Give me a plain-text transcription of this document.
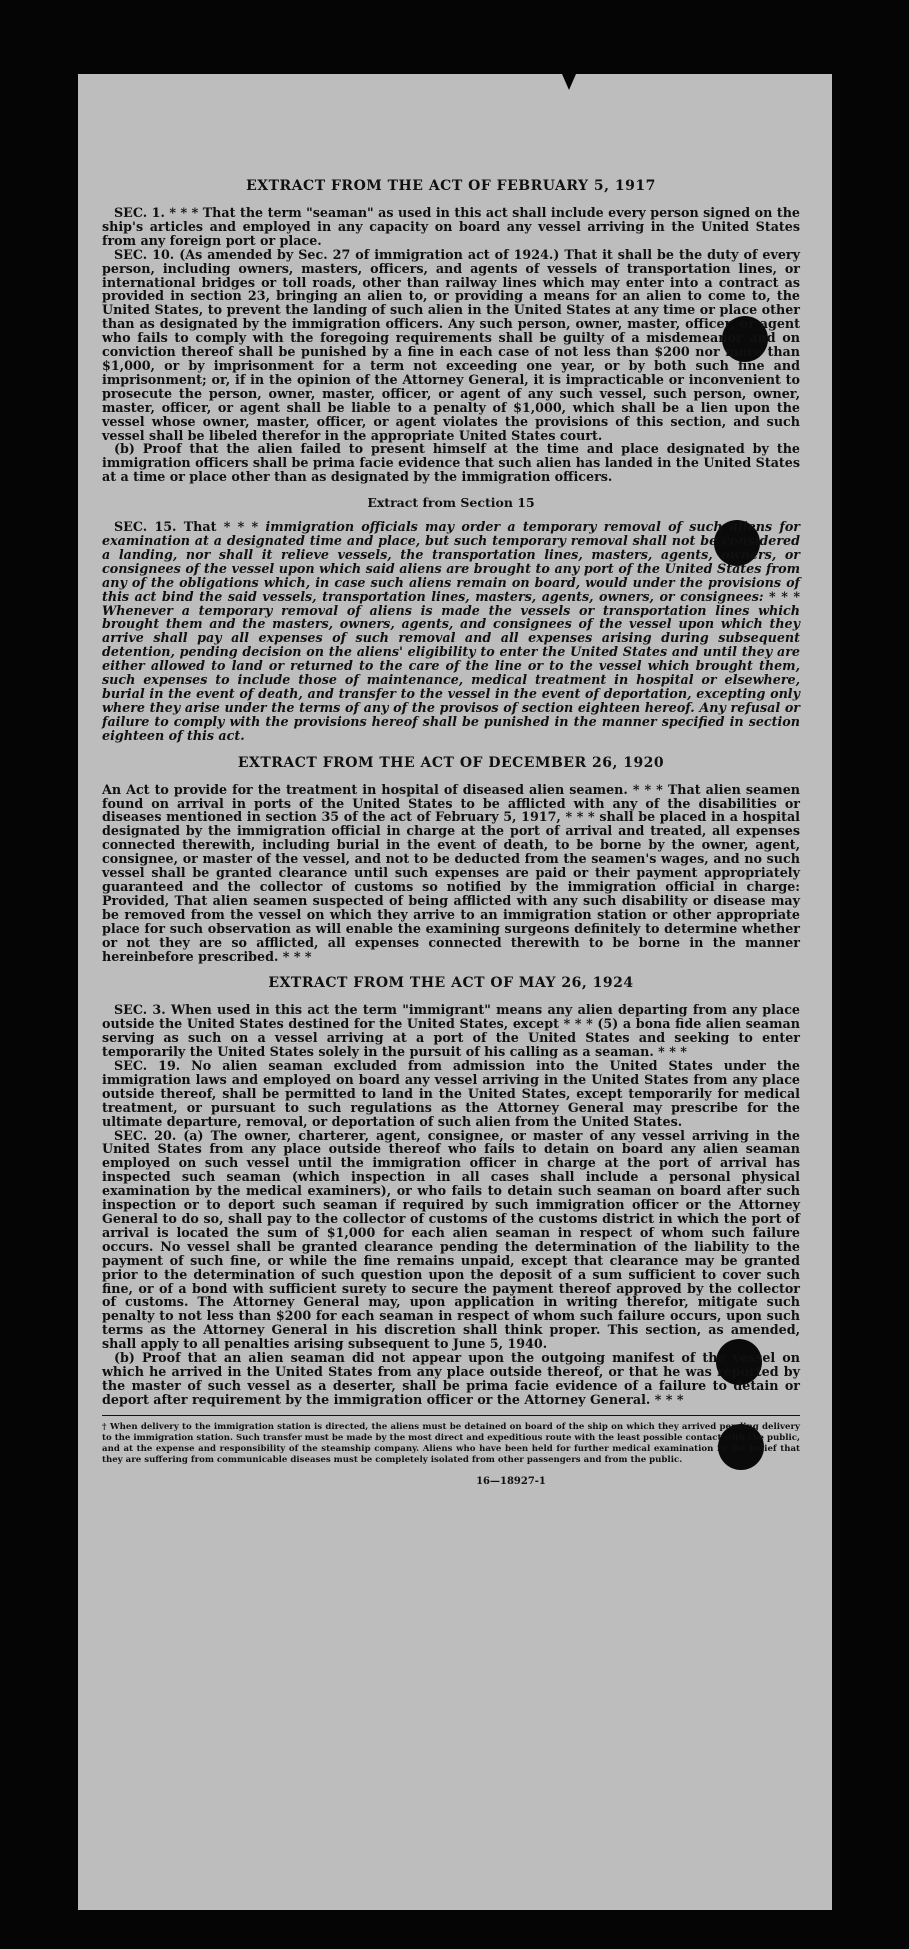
EXTRACT FROM THE ACT OF FEBRUARY 5, 1917

SEC. 1. * * * That the term "seaman" as used in this act shall include every person signed on the ship's articles and employed in any capacity on board any vessel arriving in the United States from any foreign port or place.

SEC. 10. (As amended by Sec. 27 of immigration act of 1924.) That it shall be the duty of every person, including owners, masters, officers, and agents of vessels of transportation lines, or international bridges or toll roads, other than railway lines which may enter into a contract as provided in section 23, bringing an alien to, or providing a means for an alien to come to, the United States, to prevent the landing of such alien in the United States at any time or place other than as designated by the immigration officers. Any such person, owner, master, officer, or agent who fails to comply with the foregoing requirements shall be guilty of a misdemeanor and on conviction thereof shall be punished by a fine in each case of not less than $200 nor more than $1,000, or by imprisonment for a term not exceeding one year, or by both such fine and imprisonment; or, if in the opinion of the Attorney General, it is impracticable or inconvenient to prosecute the person, owner, master, officer, or agent of any such vessel, such person, owner, master, officer, or agent shall be liable to a penalty of $1,000, which shall be a lien upon the vessel whose owner, master, officer, or agent violates the provisions of this section, and such vessel shall be libeled therefor in the appropriate United States court.

(b) Proof that the alien failed to present himself at the time and place designated by the immigration officers shall be prima facie evidence that such alien has landed in the United States at a time or place other than as designated by the immigration officers.

Extract from Section 15

SEC. 15. That * * * immigration officials may order a temporary removal of such aliens for examination at a designated time and place, but such temporary removal shall not be considered a landing, nor shall it relieve vessels, the transportation lines, masters, agents, owners, or consignees of the vessel upon which said aliens are brought to any port of the United States from any of the obligations which, in case such aliens remain on board, would under the provisions of this act bind the said vessels, transportation lines, masters, agents, owners, or consignees: * * * Whenever a temporary removal of aliens is made the vessels or transportation lines which brought them and the masters, owners, agents, and consignees of the vessel upon which they arrive shall pay all expenses of such removal and all expenses arising during subsequent detention, pending decision on the aliens' eligibility to enter the United States and until they are either allowed to land or returned to the care of the line or to the vessel which brought them, such expenses to include those of maintenance, medical treatment in hospital or elsewhere, burial in the event of death, and transfer to the vessel in the event of deportation, excepting only where they arise under the terms of any of the provisos of section eighteen hereof. Any refusal or failure to comply with the provisions hereof shall be punished in the manner specified in section eighteen of this act.

EXTRACT FROM THE ACT OF DECEMBER 26, 1920

An Act to provide for the treatment in hospital of diseased alien seamen. * * * That alien seamen found on arrival in ports of the United States to be afflicted with any of the disabilities or diseases mentioned in section 35 of the act of February 5, 1917, * * * shall be placed in a hospital designated by the immigration official in charge at the port of arrival and treated, all expenses connected therewith, including burial in the event of death, to be borne by the owner, agent, consignee, or master of the vessel, and not to be deducted from the seamen's wages, and no such vessel shall be granted clearance until such expenses are paid or their payment appropriately guaranteed and the collector of customs so notified by the immigration official in charge: Provided, That alien seamen suspected of being afflicted with any such disability or disease may be removed from the vessel on which they arrive to an immigration station or other appropriate place for such observation as will enable the examining surgeons definitely to determine whether or not they are so afflicted, all expenses connected therewith to be borne in the manner hereinbefore prescribed. * * *

EXTRACT FROM THE ACT OF MAY 26, 1924

SEC. 3. When used in this act the term "immigrant" means any alien departing from any place outside the United States destined for the United States, except * * * (5) a bona fide alien seaman serving as such on a vessel arriving at a port of the United States and seeking to enter temporarily the United States solely in the pursuit of his calling as a seaman. * * *

SEC. 19. No alien seaman excluded from admission into the United States under the immigration laws and employed on board any vessel arriving in the United States from any place outside thereof, shall be permitted to land in the United States, except temporarily for medical treatment, or pursuant to such regulations as the Attorney General may prescribe for the ultimate departure, removal, or deportation of such alien from the United States.

SEC. 20. (a) The owner, charterer, agent, consignee, or master of any vessel arriving in the United States from any place outside thereof who fails to detain on board any alien seaman employed on such vessel until the immigration officer in charge at the port of arrival has inspected such seaman (which inspection in all cases shall include a personal physical examination by the medical examiners), or who fails to detain such seaman on board after such inspection or to deport such seaman if required by such immigration officer or the Attorney General to do so, shall pay to the collector of customs of the customs district in which the port of arrival is located the sum of $1,000 for each alien seaman in respect of whom such failure occurs. No vessel shall be granted clearance pending the determination of the liability to the payment of such fine, or while the fine remains unpaid, except that clearance may be granted prior to the determination of such question upon the deposit of a sum sufficient to cover such fine, or of a bond with sufficient surety to secure the payment thereof approved by the collector of customs. The Attorney General may, upon application in writing therefor, mitigate such penalty to not less than $200 for each seaman in respect of whom such failure occurs, upon such terms as the Attorney General in his discretion shall think proper. This section, as amended, shall apply to all penalties arising subsequent to June 5, 1940.

(b) Proof that an alien seaman did not appear upon the outgoing manifest of the vessel on which he arrived in the United States from any place outside thereof, or that he was reported by the master of such vessel as a deserter, shall be prima facie evidence of a failure to detain or deport after requirement by the immigration officer or the Attorney General. * * *

† When delivery to the immigration station is directed, the aliens must be detained on board of the ship on which they arrived pending delivery to the immigration station. Such transfer must be made by the most direct and expeditious route with the least possible contact with the public, and at the expense and responsibility of the steamship company. Aliens who have been held for further medical examination in the belief that they are suffering from communicable diseases must be completely isolated from other passengers and from the public.
16—18927-1
